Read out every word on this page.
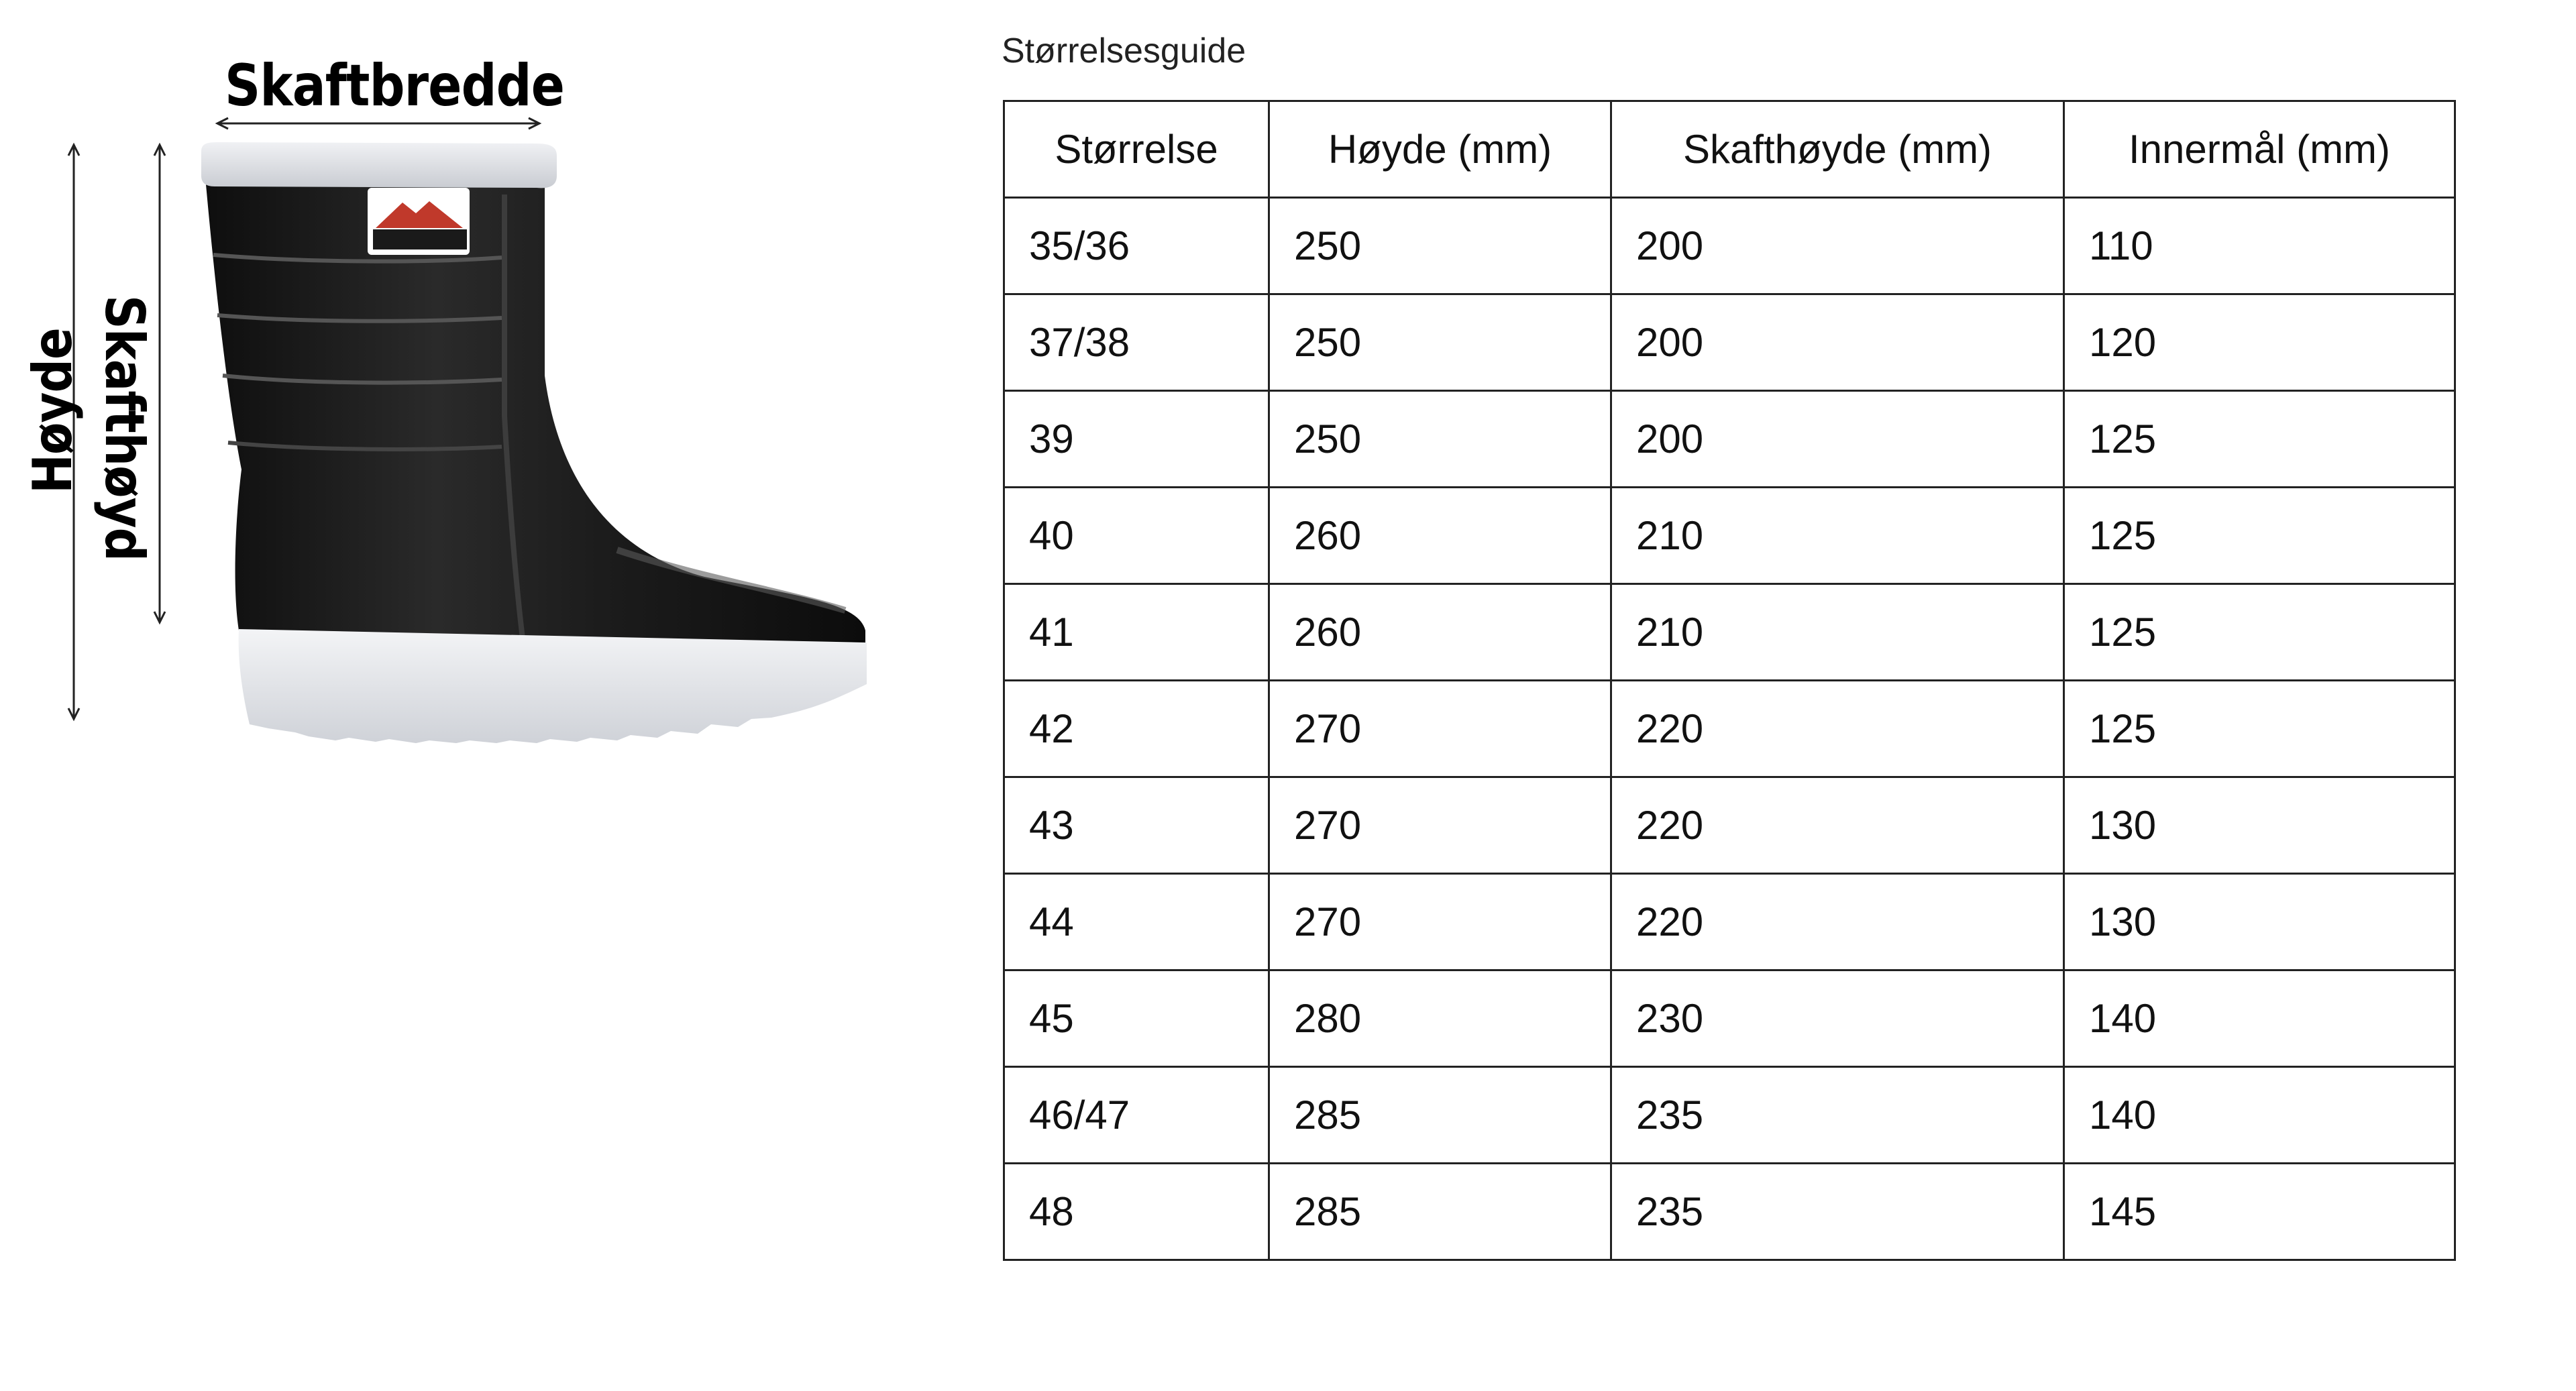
Skaftbredde
Skafthøyd
Høyde
Størrelsesguide
Størrelse	Høyde (mm)	Skafthøyde (mm)	Innermål (mm)
35/36	250	200	110
37/38	250	200	120
39	250	200	125
40	260	210	125
41	260	210	125
42	270	220	125
43	270	220	130
44	270	220	130
45	280	230	140
46/47	285	235	140
48	285	235	145
